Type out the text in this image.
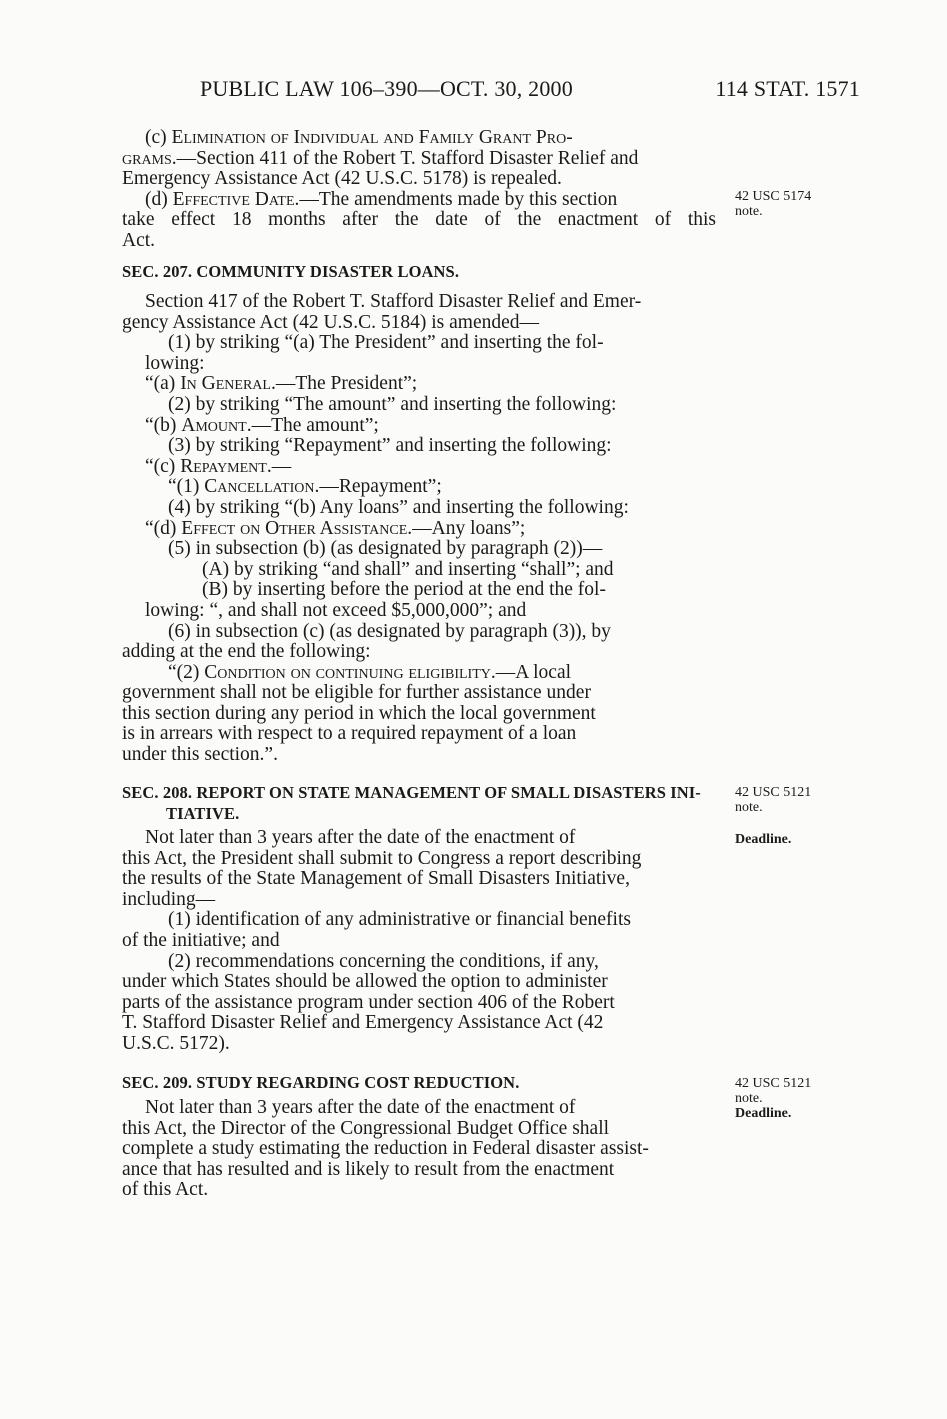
PUBLIC LAW 106–390—OCT. 30, 2000	114 STAT. 1571

(c) Elimination of Individual and Family Grant Pro-

grams.—Section 411 of the Robert T. Stafford Disaster Relief and

Emergency Assistance Act (42 U.S.C. 5178) is repealed.

(d) Effective Date.—The amendments made by this section

take effect 18 months after the date of the enactment of this

Act.

SEC. 207. COMMUNITY DISASTER LOANS.

Section 417 of the Robert T. Stafford Disaster Relief and Emer-

gency Assistance Act (42 U.S.C. 5184) is amended—

(1) by striking “(a) The President” and inserting the fol-

lowing:

“(a) In General.—The President”;

(2) by striking “The amount” and inserting the following:

“(b) Amount.—The amount”;

(3) by striking “Repayment” and inserting the following:

“(c) Repayment.—

“(1) Cancellation.—Repayment”;

(4) by striking “(b) Any loans” and inserting the following:

“(d) Effect on Other Assistance.—Any loans”;

(5) in subsection (b) (as designated by paragraph (2))—

(A) by striking “and shall” and inserting “shall”; and

(B) by inserting before the period at the end the fol-

lowing: “, and shall not exceed $5,000,000”; and

(6) in subsection (c) (as designated by paragraph (3)), by

adding at the end the following:

“(2) Condition on continuing eligibility.—A local

government shall not be eligible for further assistance under

this section during any period in which the local government

is in arrears with respect to a required repayment of a loan

under this section.”.

SEC. 208. REPORT ON STATE MANAGEMENT OF SMALL DISASTERS INI-

TIATIVE.

Not later than 3 years after the date of the enactment of

this Act, the President shall submit to Congress a report describing

the results of the State Management of Small Disasters Initiative,

including—

(1) identification of any administrative or financial benefits

of the initiative; and

(2) recommendations concerning the conditions, if any,

under which States should be allowed the option to administer

parts of the assistance program under section 406 of the Robert

T. Stafford Disaster Relief and Emergency Assistance Act (42

U.S.C. 5172).

SEC. 209. STUDY REGARDING COST REDUCTION.

Not later than 3 years after the date of the enactment of

this Act, the Director of the Congressional Budget Office shall

complete a study estimating the reduction in Federal disaster assist-

ance that has resulted and is likely to result from the enactment

of this Act.

42 USC 5174
note.
42 USC 5121
note.
Deadline.
42 USC 5121
note.
Deadline.
